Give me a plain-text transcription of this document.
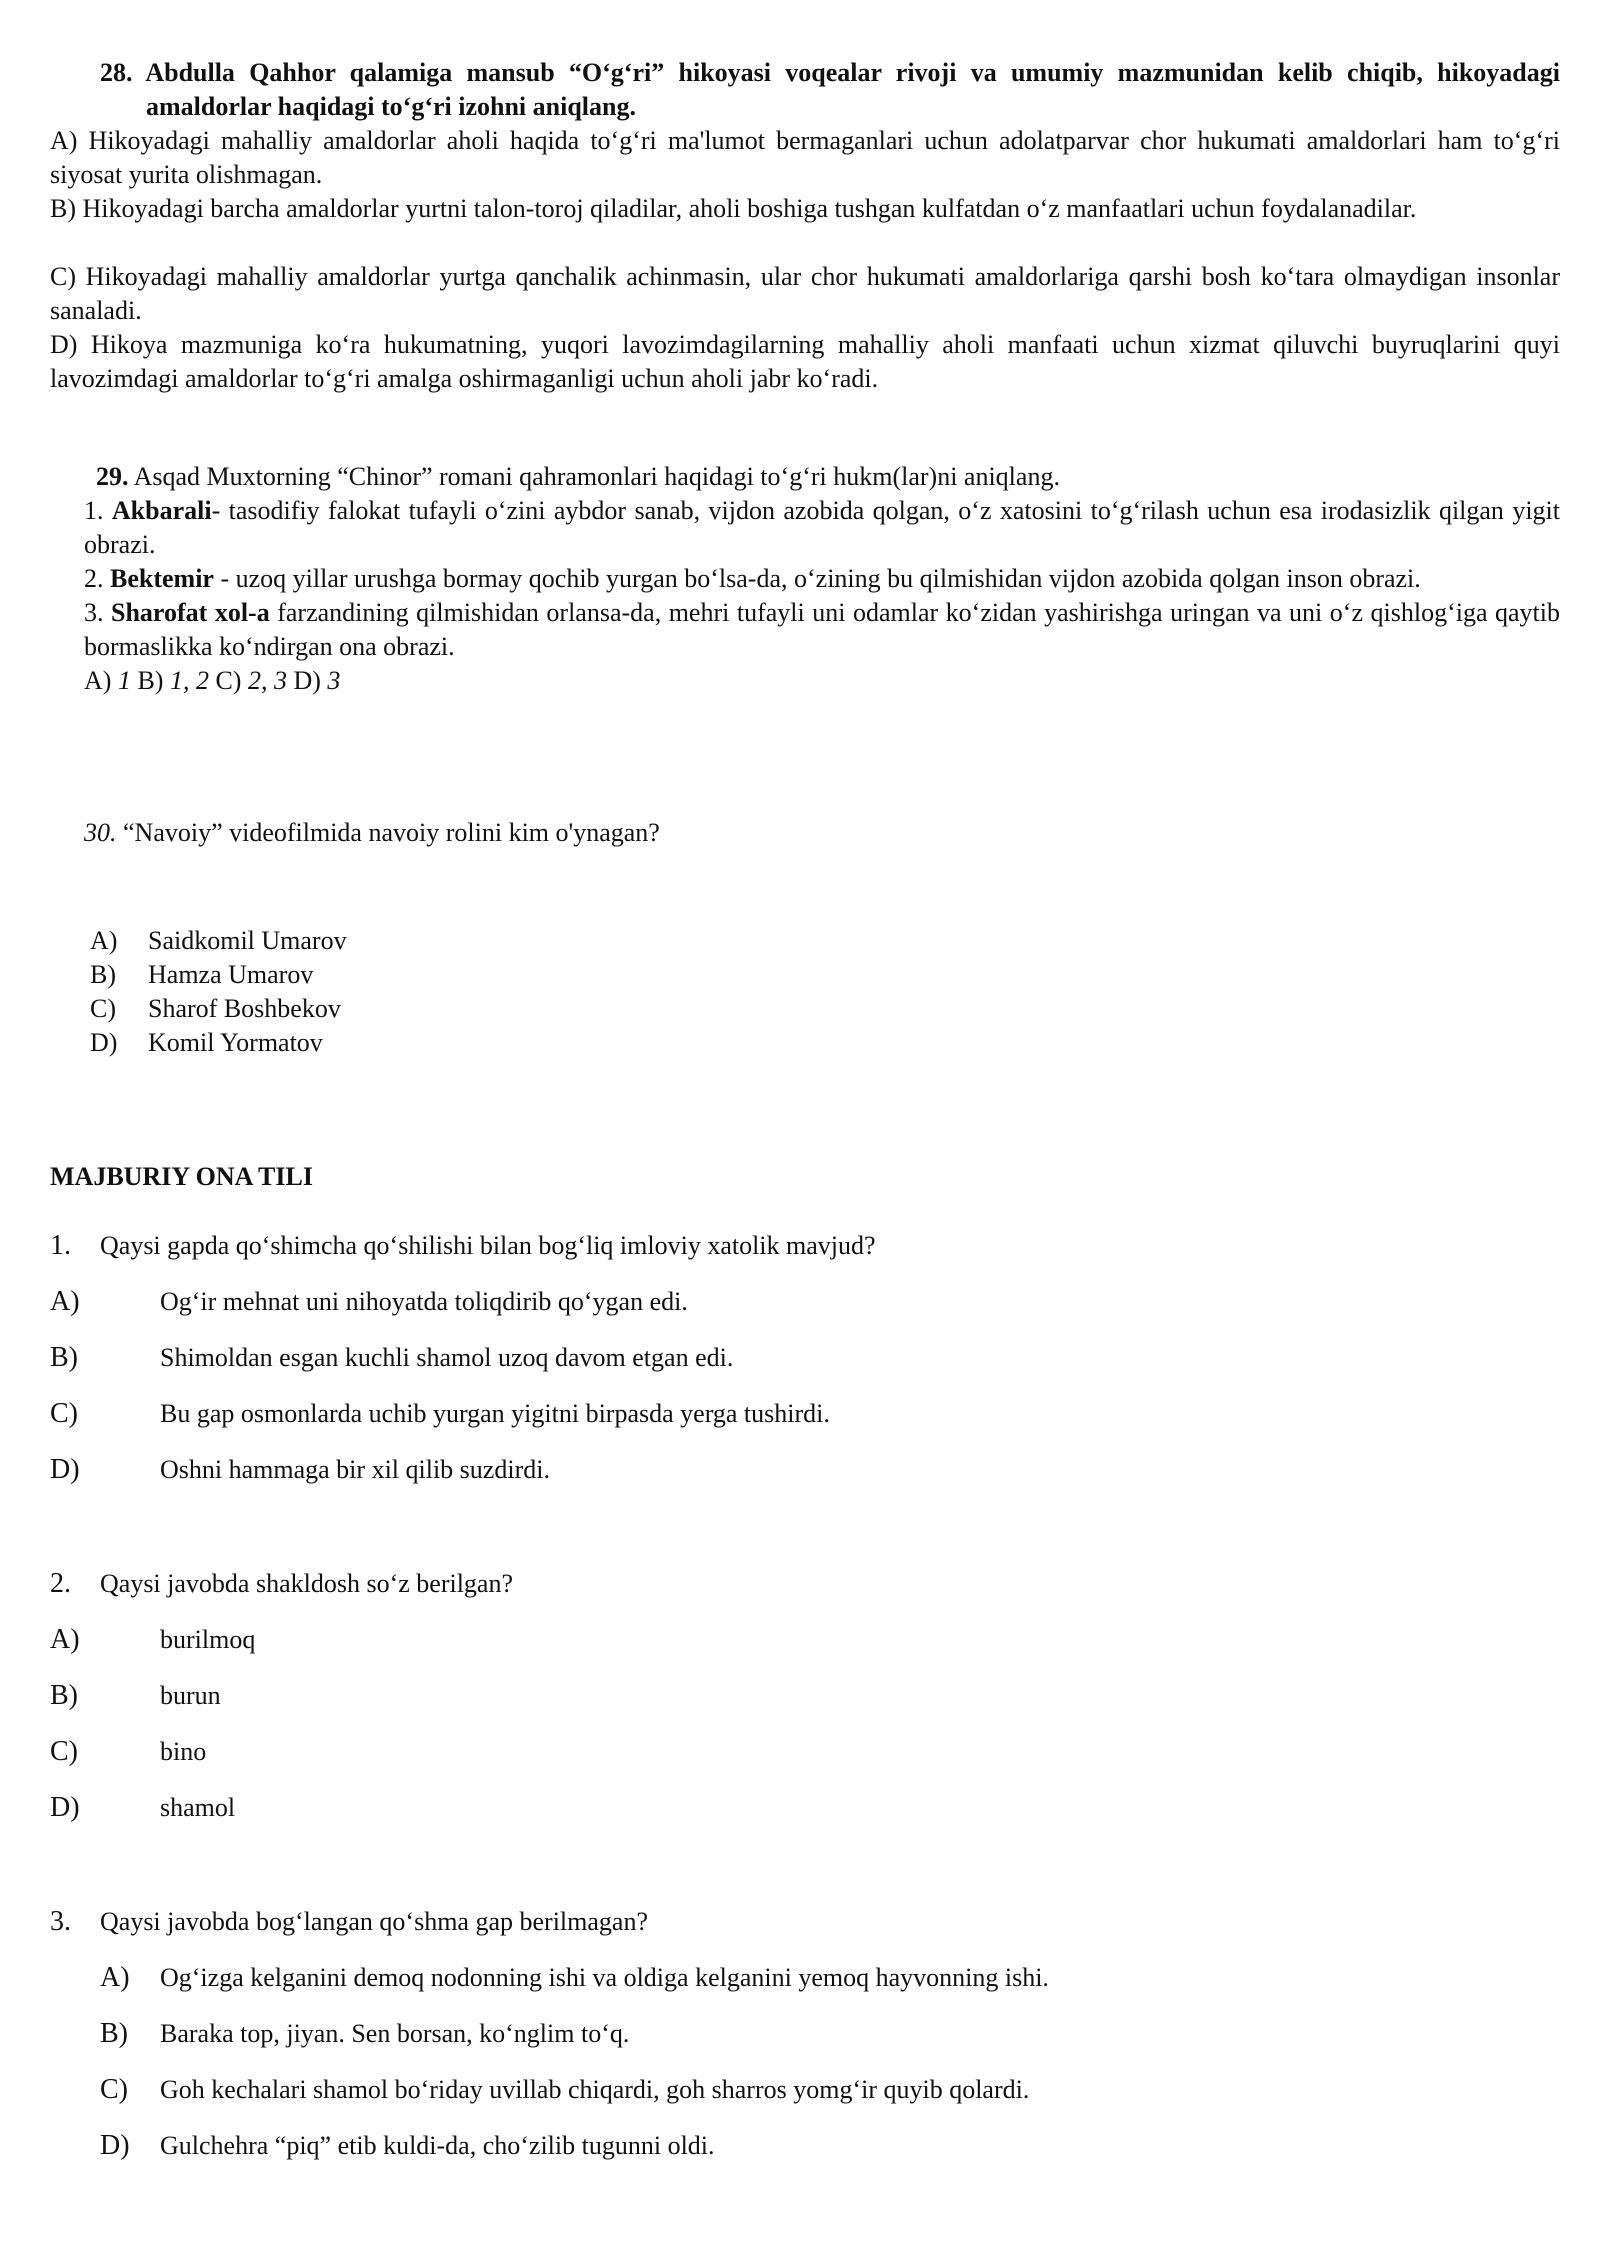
28. Abdulla Qahhor qalamiga mansub “O‘g‘ri” hikoyasi voqealar rivoji va umumiy mazmunidan kelib chiqib, hikoyadagi amaldorlar haqidagi to‘g‘ri izohni aniqlang.
A) Hikoyadagi mahalliy amaldorlar aholi haqida to‘g‘ri ma'lumot bermaganlari uchun adolatparvar chor hukumati amaldorlari ham to‘g‘ri siyosat yurita olishmagan.
B) Hikoyadagi barcha amaldorlar yurtni talon-toroj qiladilar, aholi boshiga tushgan kulfatdan o‘z manfaatlari uchun foydalanadilar.
C) Hikoyadagi mahalliy amaldorlar yurtga qanchalik achinmasin, ular chor hukumati amaldorlariga qarshi bosh ko‘tara olmaydigan insonlar sanaladi.
D) Hikoya mazmuniga ko‘ra hukumatning, yuqori lavozimdagilarning mahalliy aholi manfaati uchun xizmat qiluvchi buyruqlarini quyi lavozimdagi amaldorlar to‘g‘ri amalga oshirmaganligi uchun aholi jabr ko‘radi.
29. Asqad Muxtorning “Chinor” romani qahramonlari haqidagi to‘g‘ri hukm(lar)ni aniqlang.
1. Akbarali- tasodifiy falokat tufayli o‘zini aybdor sanab, vijdon azobida qolgan, o‘z xatosini to‘g‘rilash uchun esa irodasizlik qilgan yigit obrazi.
2. Bektemir - uzoq yillar urushga bormay qochib yurgan bo‘lsa-da, o‘zining bu qilmishidan vijdon azobida qolgan inson obrazi.
3. Sharofat xol-a farzandining qilmishidan orlansa-da, mehri tufayli uni odamlar ko‘zidan yashirishga uringan va uni o‘z qishlog‘iga qaytib bormaslikka ko‘ndirgan ona obrazi.
A) 1 B) 1, 2 C) 2, 3 D) 3
30. “Navoiy” videofilmida navoiy rolini kim o'ynagan?
A) Saidkomil Umarov
B) Hamza Umarov
C) Sharof Boshbekov
D) Komil Yormatov
MAJBURIY ONA TILI
1. Qaysi gapda qo‘shimcha qo‘shilishi bilan bog‘liq imloviy xatolik mavjud?
A)	Og‘ir mehnat uni nihoyatda toliqdirib qo‘ygan edi.
B)	Shimoldan esgan kuchli shamol uzoq davom etgan edi.
C)	Bu gap osmonlarda uchib yurgan yigitni birpasda yerga tushirdi.
D)	Oshni hammaga bir xil qilib suzdirdi.
2. Qaysi javobda shakldosh so‘z berilgan?
A)	burilmoq
B)	burun
C)	bino
D)	shamol
3. Qaysi javobda bog‘langan qo‘shma gap berilmagan?
A) Og‘izga kelganini demoq nodonning ishi va oldiga kelganini yemoq hayvonning ishi.
B) Baraka top, jiyan. Sen borsan, ko‘nglim to‘q.
C) Goh kechalari shamol bo‘riday uvillab chiqardi, goh sharros yomg‘ir quyib qolardi.
D) Gulchehra “piq” etib kuldi-da, cho‘zilib tugunni oldi.
